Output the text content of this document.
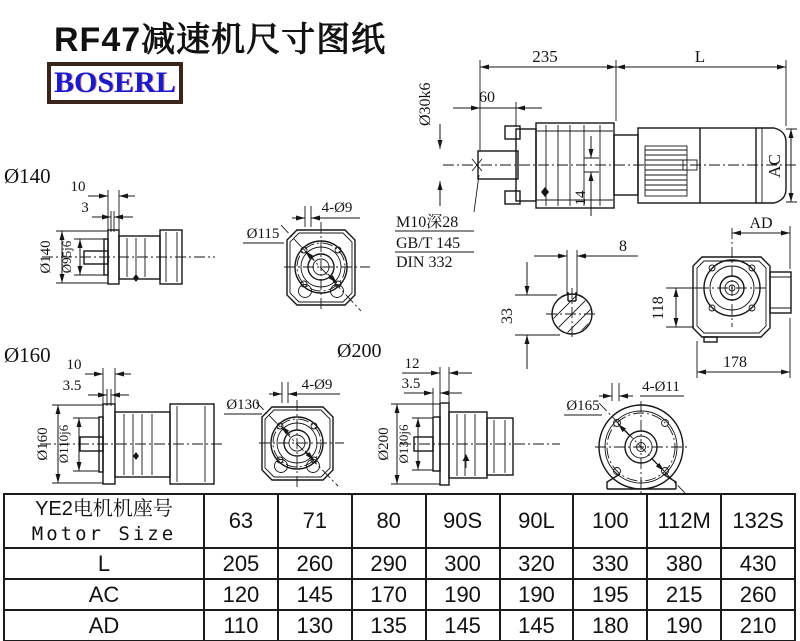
RF47减速机尺寸图纸
BOSERL
235	L
60
Ø30k6
14
AC
AD
M10深28
GB/T 145
DIN 332
8
33	118
178
Ø140 10
3
Ø140 Ø95j6
4-Ø9
Ø115
Ø160 10
3.5
Ø160 Ø110j6
4-Ø9
Ø130
Ø200
12
3.5
Ø200 Ø130j6
4-Ø11
Ø165
YE2电机机座号
Motor Size	63	71	80	90S	90L	100	112M	132S
L	205	260	290	300	320	330	380	430
AC	120	145	170	190	190	195	215	260
AD	110	130	135	145	145	180	190	210
